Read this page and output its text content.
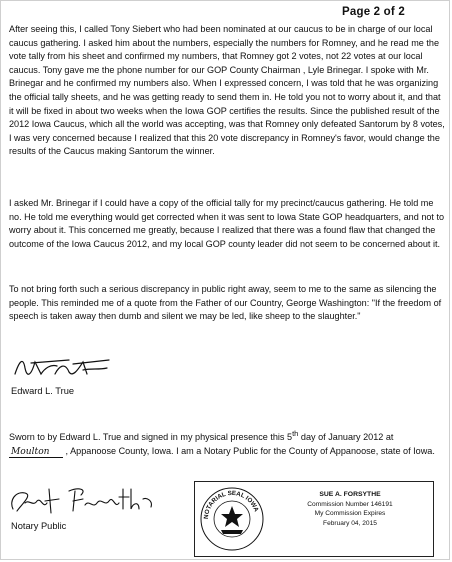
Page 2 of 2

After seeing this, I called Tony Siebert who had been nominated at our caucus to be in charge of our local caucus gathering. I asked him about the numbers, especially the numbers for Romney, and he read me the vote tally from his sheet and confirmed my numbers, that Romney got 2 votes, not 22 votes at our local caucus. Tony gave me the phone number for our GOP County Chairman , Lyle Brinegar. I spoke with Mr. Brinegar and he confirmed my numbers also. When I expressed concern, I was told that he was organizing the official tally sheets, and he was getting ready to send them in. He told you not to worry about it, and that it will be fixed in about two weeks when the Iowa GOP certifies the results. Since the published result of the 2012 Iowa Caucus, which all the world was accepting, was that Romney only defeated Santorum by 8 votes, I was very concerned because I realized that this 20 vote discrepancy in Romney's favor, would change the results of the Caucus making Santorum the winner.

I asked Mr. Brinegar if I could have a copy of the official tally for my precinct/caucus gathering. He told me no. He told me everything would get corrected when it was sent to Iowa State GOP headquarters, and not to worry about it. This concerned me greatly, because I realized that there was a found flaw that changed the outcome of the Iowa Caucus 2012, and my local GOP county leader did not seem to be concerned about it.

To not bring forth such a serious discrepancy in public right away, seem to me to the same as silencing the people. This reminded me of a quote from the Father of our Country, George Washington: "If the freedom of speech is taken away then dumb and silent we may be led, like sheep to the slaughter."

Edward L. True

Sworn to by Edward L. True and signed in my physical presence this 5th day of January 2012 at
Moulton , Appanoose County, Iowa. I am a Notary Public for the County of Appanoose, state of Iowa.

Notary Public
NOTARIAL SEAL IOWA
SUE A. FORSYTHE
Commission Number 146191
My Commission Expires
February 04, 2015
